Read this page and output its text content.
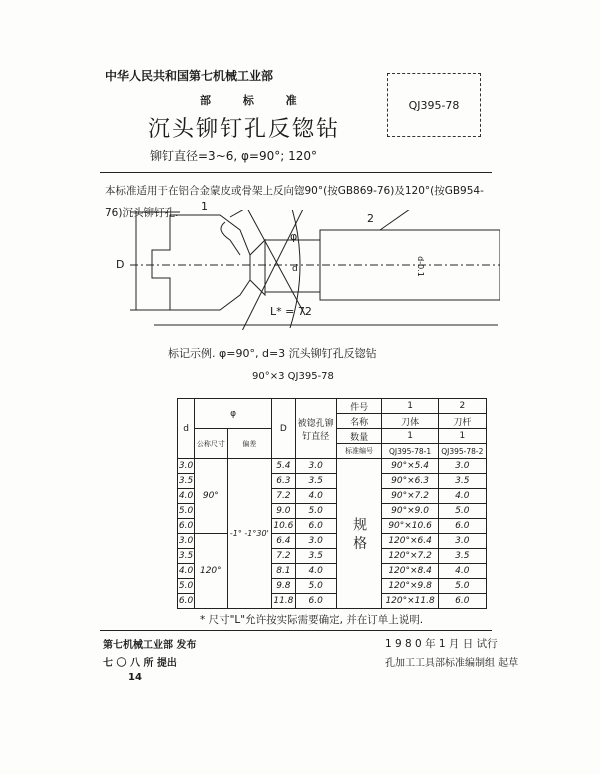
中华人民共和国第七机械工业部
部 标 准
沉头铆钉孔反锪钻
铆钉直径=3~6, φ=90°; 120°
QJ395-78
本标准适用于在铝合金蒙皮或骨架上反向锪90°(按GB869-76)及120°(按GB954-76)沉头铆钉孔.	1
2
D
φ
d	d-0.1
L* = 72
标记示例. φ=90°, d=3 沉头铆钉孔反锪钻
90°×3 QJ395-78
d	φ		D	被锪孔铆钉直径	件号	1	2
					名称	刀体	刀杆
	公称尺寸	偏差			数量	1	1
					标准编号	QJ395-78-1	QJ395-78-2
3.0	90°	-1° -1°30'	5.4	3.0	规 格	90°×5.4	3.0
3.5			6.3	3.5		90°×6.3	3.5
4.0			7.2	4.0		90°×7.2	4.0
5.0			9.0	5.0		90°×9.0	5.0
6.0			10.6	6.0		90°×10.6	6.0
3.0	120°		6.4	3.0		120°×6.4	3.0
3.5			7.2	3.5		120°×7.2	3.5
4.0			8.1	4.0		120°×8.4	4.0
5.0			9.8	5.0		120°×9.8	5.0
6.0			11.8	6.0		120°×11.8	6.0
* 尺寸"L"允许按实际需要确定, 并在订单上说明.
第七机械工业部 发布
七 〇 八 所 提出
14
1 9 8 0 年 1 月 日 试行
孔加工工具部标准编制组 起草
